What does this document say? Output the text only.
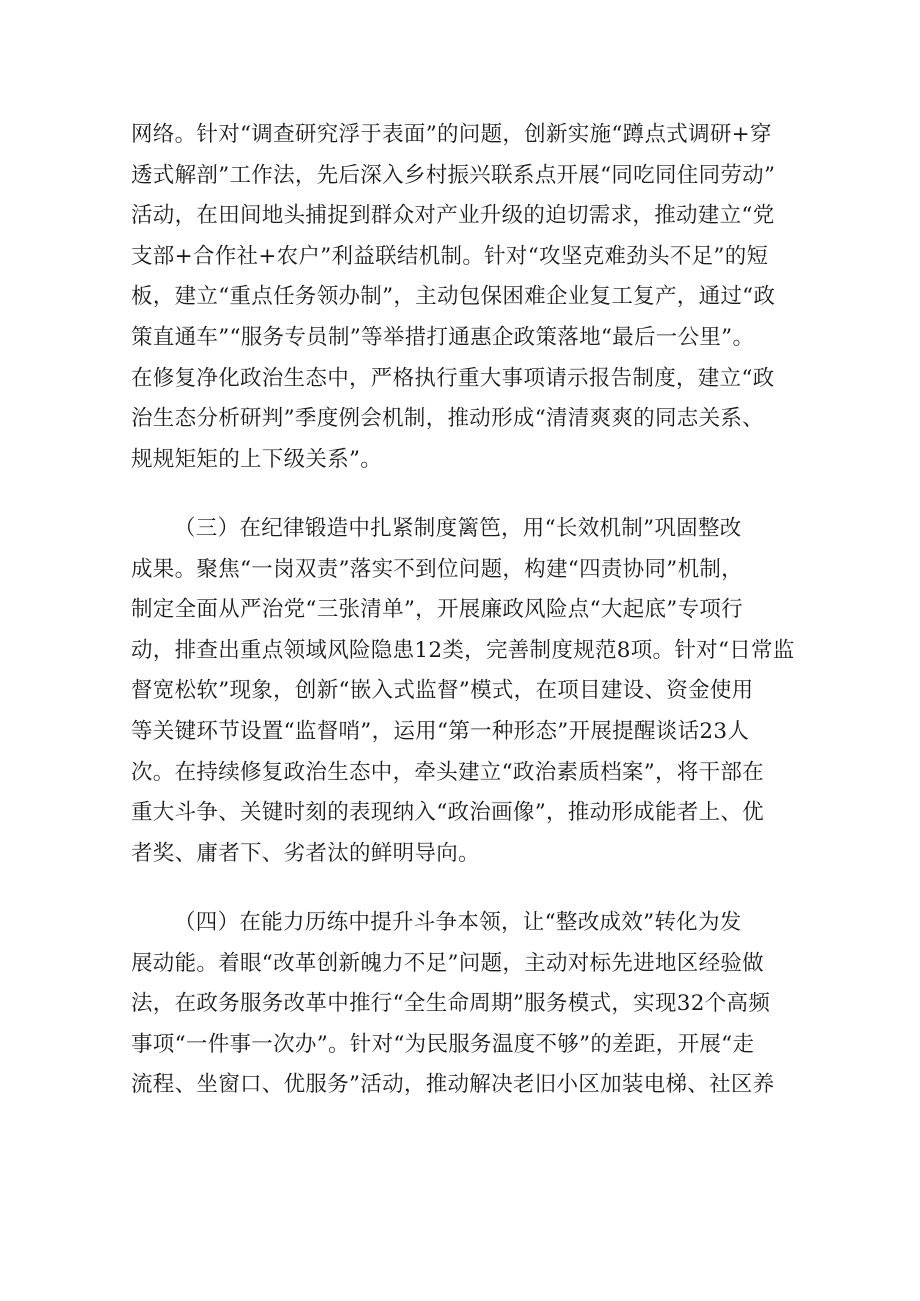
网络。针对“调查研究浮于表面”的问题，创新实施“蹲点式调研+穿
透式解剖”工作法，先后深入乡村振兴联系点开展“同吃同住同劳动”
活动，在田间地头捕捉到群众对产业升级的迫切需求，推动建立“党
支部+合作社+农户”利益联结机制。针对“攻坚克难劲头不足”的短
板，建立“重点任务领办制”，主动包保困难企业复工复产，通过“政
策直通车”“服务专员制”等举措打通惠企政策落地“最后一公里”。
在修复净化政治生态中，严格执行重大事项请示报告制度，建立“政
治生态分析研判”季度例会机制，推动形成“清清爽爽的同志关系、
规规矩矩的上下级关系”。
（三）在纪律锻造中扎紧制度篱笆，用“长效机制”巩固整改
成果。聚焦“一岗双责”落实不到位问题，构建“四责协同”机制，
制定全面从严治党“三张清单”，开展廉政风险点“大起底”专项行
动，排查出重点领域风险隐患12类，完善制度规范8项。针对“日常监
督宽松软”现象，创新“嵌入式监督”模式，在项目建设、资金使用
等关键环节设置“监督哨”，运用“第一种形态”开展提醒谈话23人
次。在持续修复政治生态中，牵头建立“政治素质档案”，将干部在
重大斗争、关键时刻的表现纳入“政治画像”，推动形成能者上、优
者奖、庸者下、劣者汰的鲜明导向。
（四）在能力历练中提升斗争本领，让“整改成效”转化为发
展动能。着眼“改革创新魄力不足”问题，主动对标先进地区经验做
法，在政务服务改革中推行“全生命周期”服务模式，实现32个高频
事项“一件事一次办”。针对“为民服务温度不够”的差距，开展“走
流程、坐窗口、优服务”活动，推动解决老旧小区加装电梯、社区养
